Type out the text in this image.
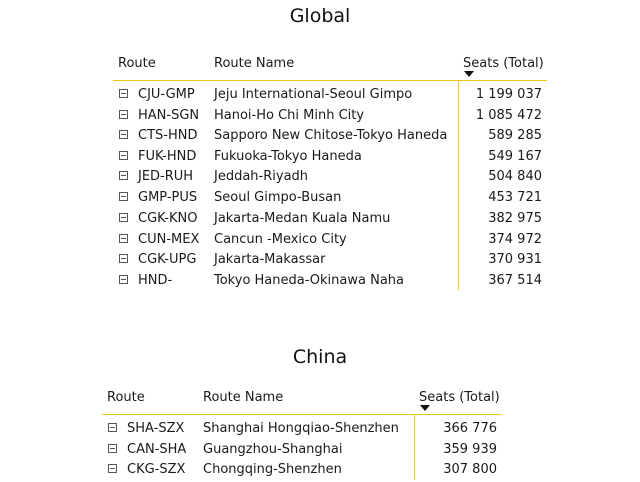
Global
Route	Route Name	Seats (Total)
CJU-GMP Jeju International-Seoul Gimpo	1 199 037
HAN-SGN Hanoi-Ho Chi Minh City	1 085 472
CTS-HND Sapporo New Chitose-Tokyo Haneda	589 285
FUK-HND Fukuoka-Tokyo Haneda	549 167
JED-RUH Jeddah-Riyadh	504 840
GMP-PUS Seoul Gimpo-Busan	453 721
CGK-KNO Jakarta-Medan Kuala Namu	382 975
CUN-MEX Cancun -Mexico City	374 972
CGK-UPG Jakarta-Makassar	370 931
HND-	Tokyo Haneda-Okinawa Naha	367 514
China
Route	Route Name	Seats (Total)
SHA-SZX Shanghai Hongqiao-Shenzhen	366 776
CAN-SHA Guangzhou-Shanghai	359 939
CKG-SZX Chongqing-Shenzhen	307 800
